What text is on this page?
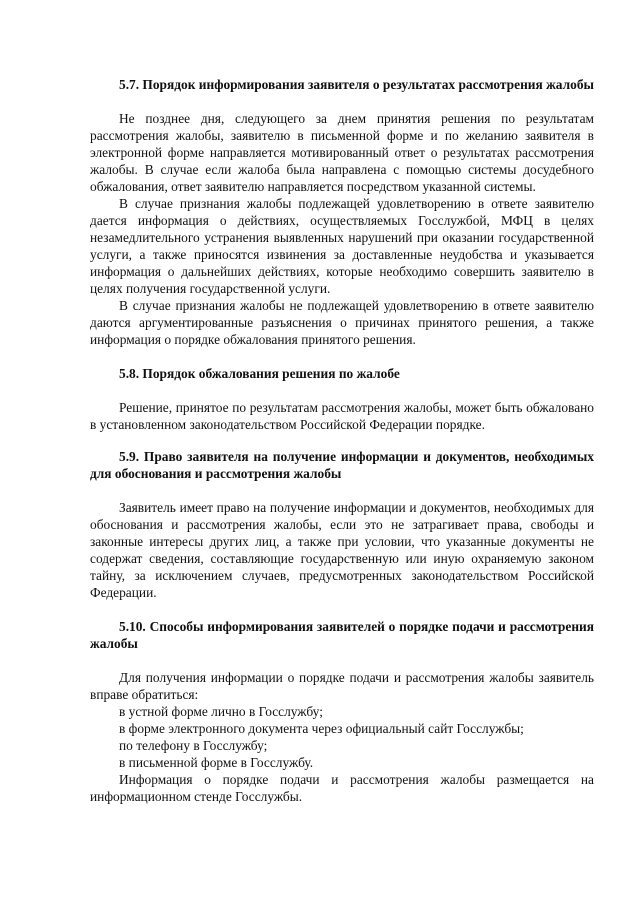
5.7. Порядок информирования заявителя о результатах рассмотрения жалобы

Не позднее дня, следующего за днем принятия решения по результатам рассмотрения жалобы, заявителю в письменной форме и по желанию заявителя в электронной форме направляется мотивированный ответ о результатах рассмотрения жалобы. В случае если жалоба была направлена с помощью системы досудебного обжалования, ответ заявителю направляется посредством указанной системы.

В случае признания жалобы подлежащей удовлетворению в ответе заявителю дается информация о действиях, осуществляемых Госслужбой, МФЦ в целях незамедлительного устранения выявленных нарушений при оказании государственной услуги, а также приносятся извинения за доставленные неудобства и указывается информация о дальнейших действиях, которые необходимо совершить заявителю в целях получения государственной услуги.

В случае признания жалобы не подлежащей удовлетворению в ответе заявителю даются аргументированные разъяснения о причинах принятого решения, а также информация о порядке обжалования принятого решения.

5.8. Порядок обжалования решения по жалобе

Решение, принятое по результатам рассмотрения жалобы, может быть обжаловано в установленном законодательством Российской Федерации порядке.

5.9. Право заявителя на получение информации и документов, необходимых для обоснования и рассмотрения жалобы

Заявитель имеет право на получение информации и документов, необходимых для обоснования и рассмотрения жалобы, если это не затрагивает права, свободы и законные интересы других лиц, а также при условии, что указанные документы не содержат сведения, составляющие государственную или иную охраняемую законом тайну, за исключением случаев, предусмотренных законодательством Российской Федерации.

5.10. Способы информирования заявителей о порядке подачи и рассмотрения жалобы

Для получения информации о порядке подачи и рассмотрения жалобы заявитель вправе обратиться:

в устной форме лично в Госслужбу;

в форме электронного документа через официальный сайт Госслужбы;

по телефону в Госслужбу;

в письменной форме в Госслужбу.

Информация о порядке подачи и рассмотрения жалобы размещается на информационном стенде Госслужбы.
